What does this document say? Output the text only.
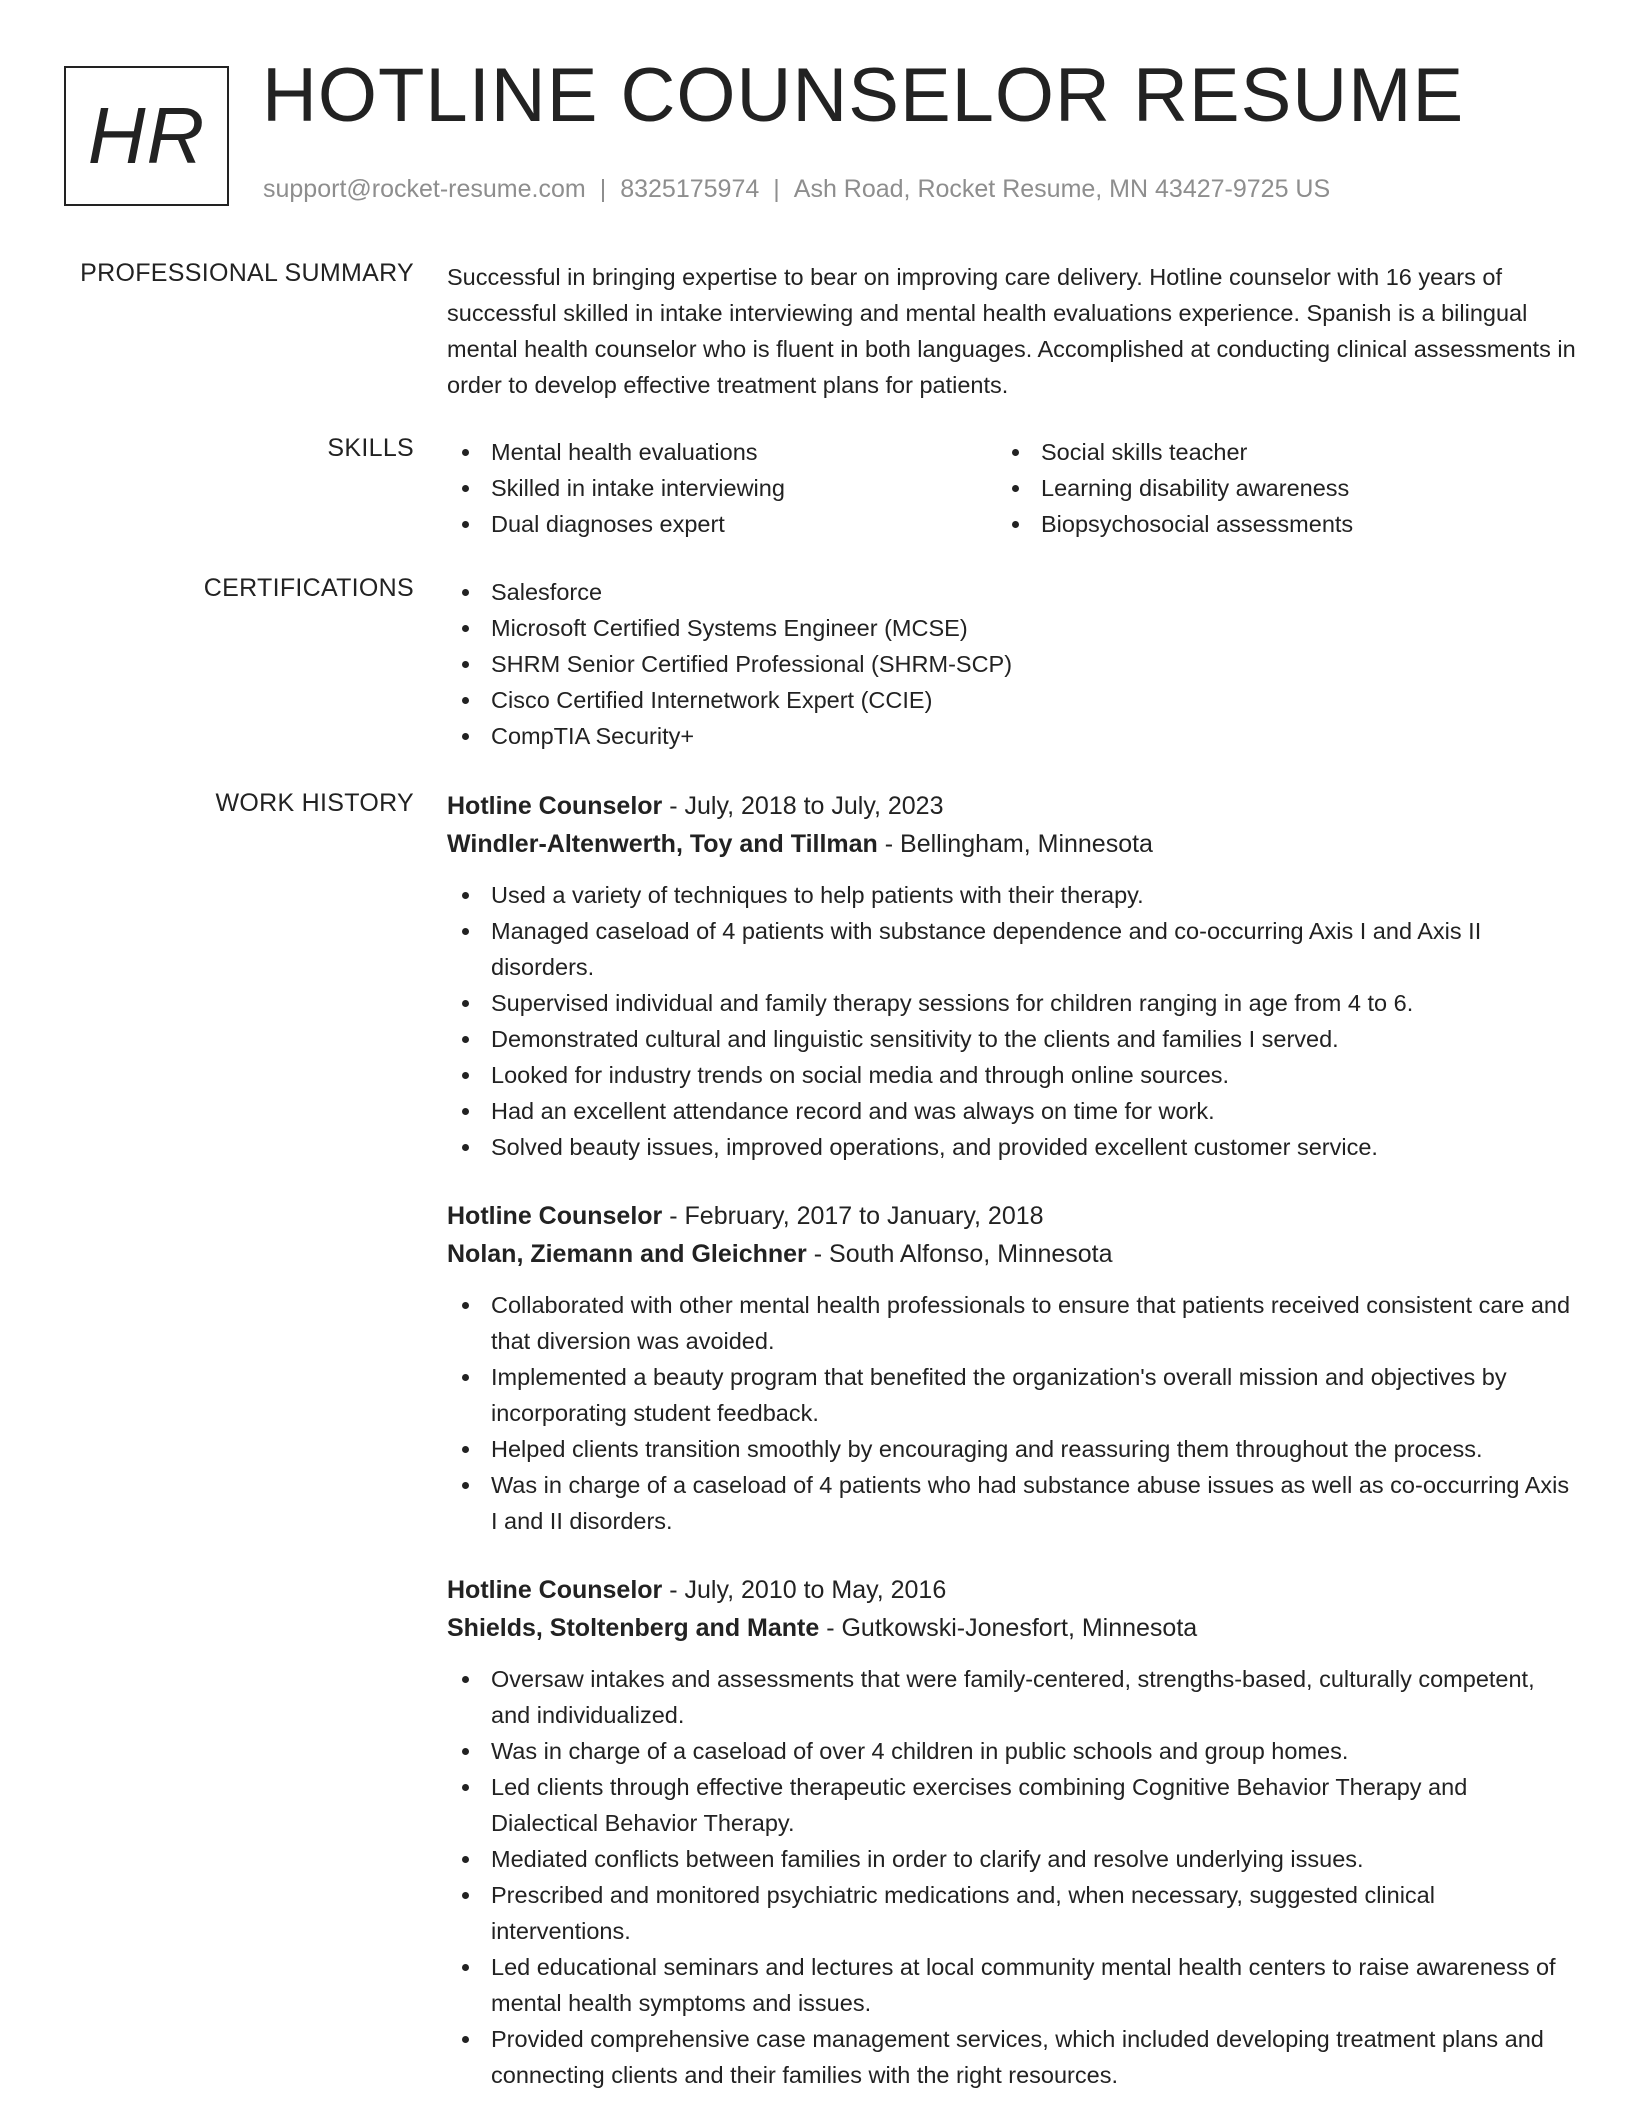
HR HOTLINE COUNSELOR RESUME
support@rocket-resume.com | 8325175974 | Ash Road, Rocket Resume, MN 43427-9725 US
PROFESSIONAL SUMMARY Successful in bringing expertise to bear on improving care delivery. Hotline counselor with 16 years of successful skilled in intake interviewing and mental health evaluations experience. Spanish is a bilingual mental health counselor who is fluent in both languages. Accomplished at conducting clinical assessments in order to develop effective treatment plans for patients.
SKILLS	Mental health evaluations	Social skills teacher
Skilled in intake interviewing	Learning disability awareness
Dual diagnoses expert	Biopsychosocial assessments
CERTIFICATIONS	Salesforce
Microsoft Certified Systems Engineer (MCSE)
SHRM Senior Certified Professional (SHRM-SCP)
Cisco Certified Internetwork Expert (CCIE)
CompTIA Security+
WORK HISTORY Hotline Counselor - July, 2018 to July, 2023
Windler-Altenwerth, Toy and Tillman - Bellingham, Minnesota
Used a variety of techniques to help patients with their therapy.
Managed caseload of 4 patients with substance dependence and co-occurring Axis I and Axis II disorders.
Supervised individual and family therapy sessions for children ranging in age from 4 to 6.
Demonstrated cultural and linguistic sensitivity to the clients and families I served.
Looked for industry trends on social media and through online sources.
Had an excellent attendance record and was always on time for work.
Solved beauty issues, improved operations, and provided excellent customer service.
Hotline Counselor - February, 2017 to January, 2018
Nolan, Ziemann and Gleichner - South Alfonso, Minnesota
Collaborated with other mental health professionals to ensure that patients received consistent care and that diversion was avoided.
Implemented a beauty program that benefited the organization's overall mission and objectives by incorporating student feedback.
Helped clients transition smoothly by encouraging and reassuring them throughout the process.
Was in charge of a caseload of 4 patients who had substance abuse issues as well as co-occurring Axis I and II disorders.
Hotline Counselor - July, 2010 to May, 2016
Shields, Stoltenberg and Mante - Gutkowski-Jonesfort, Minnesota
Oversaw intakes and assessments that were family-centered, strengths-based, culturally competent, and individualized.
Was in charge of a caseload of over 4 children in public schools and group homes.
Led clients through effective therapeutic exercises combining Cognitive Behavior Therapy and Dialectical Behavior Therapy.
Mediated conflicts between families in order to clarify and resolve underlying issues.
Prescribed and monitored psychiatric medications and, when necessary, suggested clinical interventions.
Led educational seminars and lectures at local community mental health centers to raise awareness of mental health symptoms and issues.
Provided comprehensive case management services, which included developing treatment plans and connecting clients and their families with the right resources.
